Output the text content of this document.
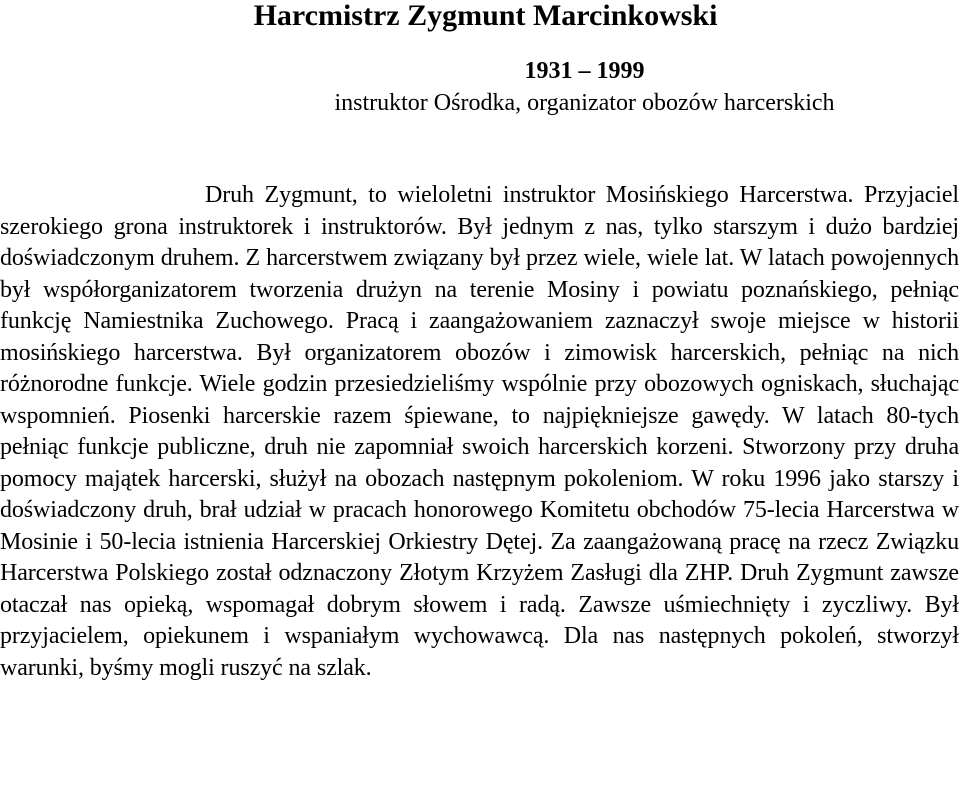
Harcmistrz Zygmunt Marcinkowski

1931 – 1999

instruktor Ośrodka, organizator obozów harcerskich

Druh Zygmunt, to wieloletni instruktor Mosińskiego Harcerstwa. Przyjaciel szerokiego grona instruktorek i instruktorów. Był jednym z nas, tylko starszym i dużo bardziej doświadczonym druhem. Z harcerstwem związany był przez wiele, wiele lat. W latach powojennych był współorganizatorem tworzenia drużyn na terenie Mosiny i powiatu poznańskiego, pełniąc funkcję Namiestnika Zuchowego. Pracą i zaangażowaniem zaznaczył swoje miejsce w historii mosińskiego harcerstwa. Był organizatorem obozów i zimowisk harcerskich, pełniąc na nich różnorodne funkcje. Wiele godzin przesiedzieliśmy wspólnie przy obozowych ogniskach, słuchając wspomnień. Piosenki harcerskie razem śpiewane, to najpiękniejsze gawędy. W latach 80-tych pełniąc funkcje publiczne, druh nie zapomniał swoich harcerskich korzeni. Stworzony przy druha pomocy majątek harcerski, służył na obozach następnym pokoleniom. W roku 1996 jako starszy i doświadczony druh, brał udział w pracach honorowego Komitetu obchodów 75-lecia Harcerstwa w Mosinie i 50-lecia istnienia Harcerskiej Orkiestry Dętej. Za zaangażowaną pracę na rzecz Związku Harcerstwa Polskiego został odznaczony Złotym Krzyżem Zasługi dla ZHP. Druh Zygmunt zawsze otaczał nas opieką, wspomagał dobrym słowem i radą. Zawsze uśmiechnięty i zyczliwy. Był przyjacielem, opiekunem i wspaniałym wychowawcą. Dla nas następnych pokoleń, stworzył warunki, byśmy mogli ruszyć na szlak.
